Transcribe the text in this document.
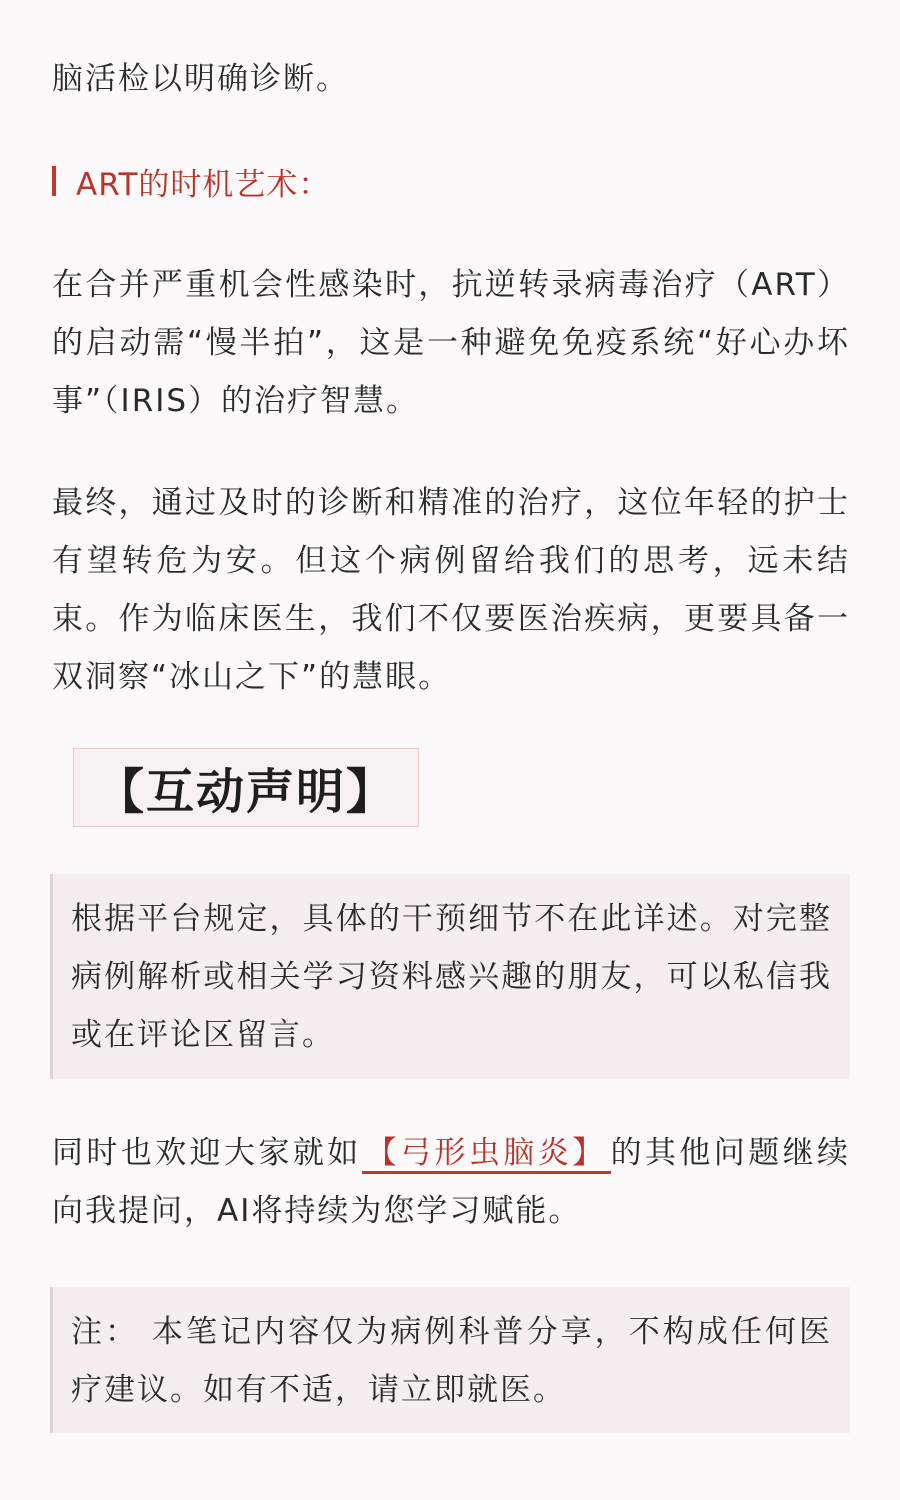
脑活检以明确诊断。

ART的时机艺术：

在合并严重机会性感染时，抗逆转录病毒治疗（ART）的启动需“慢半拍”，这是一种避免免疫系统“好心办坏事”（IRIS）的治疗智慧。

最终，通过及时的诊断和精准的治疗，这位年轻的护士有望转危为安。但这个病例留给我们的思考，远未结束。作为临床医生，我们不仅要医治疾病，更要具备一双洞察“冰山之下”的慧眼。

【互动声明】

根据平台规定，具体的干预细节不在此详述。对完整病例解析或相关学习资料感兴趣的朋友，可以私信我或在评论区留言。

同时也欢迎大家就如 【弓形虫脑炎】 的其他问题继续向我提问，AI将持续为您学习赋能。

注： 本笔记内容仅为病例科普分享，不构成任何医疗建议。如有不适，请立即就医。
